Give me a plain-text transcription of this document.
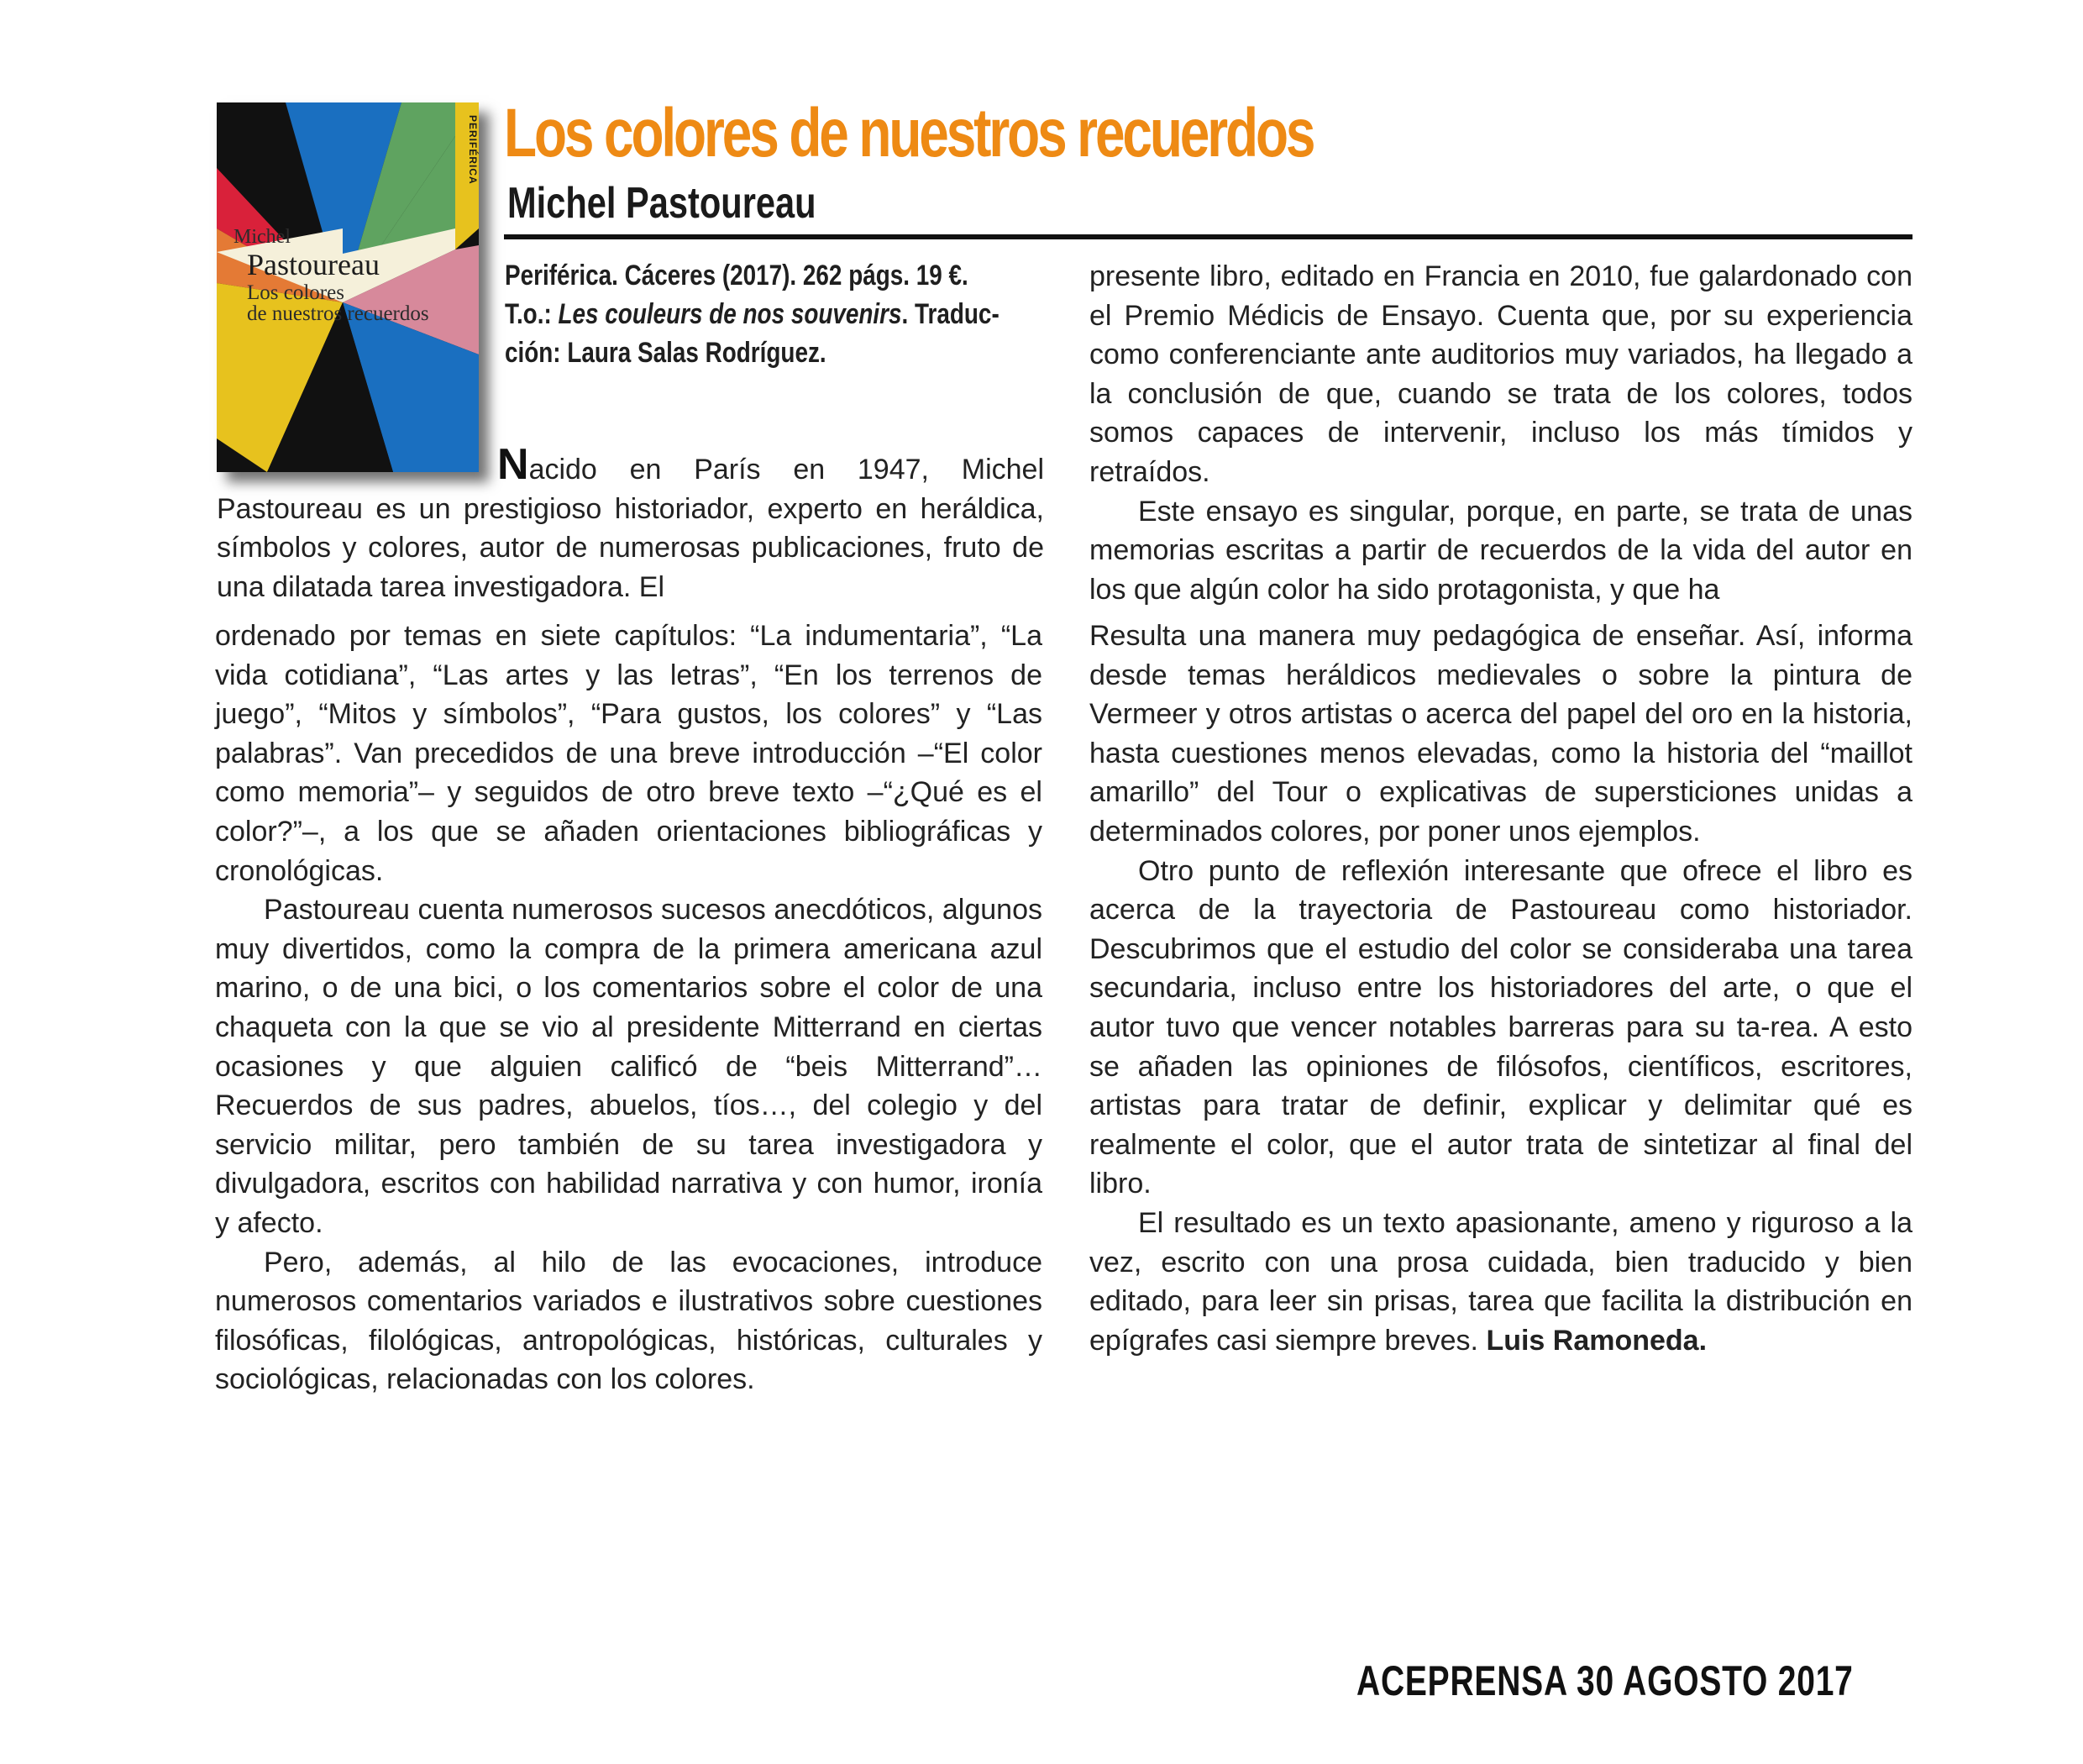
Michel
Pastoureau
Los colores
de nuestros recuerdos
PERIFÉRICA Los colores de nuestros recuerdos
Michel Pastoureau
Periférica. Cáceres (2017). 262 págs. 19 €.
T.o.: Les couleurs de nos souvenirs. Traduc-
ción: Laura Salas Rodríguez.

Nacido en París en 1947, Michel Pastoureau es un prestigioso historiador, experto en heráldica, símbolos y colores, autor de numerosas publicaciones, fruto de una dilatada tarea investigadora. El

ordenado por temas en siete capítulos: “La indumentaria”, “La vida cotidiana”, “Las artes y las letras”, “En los terrenos de juego”, “Mitos y símbolos”, “Para gustos, los colores” y “Las palabras”. Van precedidos de una breve introducción –“El color como memoria”– y seguidos de otro breve texto –“¿Qué es el color?”–, a los que se añaden orientaciones bibliográficas y cronológicas.

Pastoureau cuenta numerosos sucesos anecdóticos, algunos muy divertidos, como la compra de la primera americana azul marino, o de una bici, o los comentarios sobre el color de una chaqueta con la que se vio al presidente Mitterrand en ciertas ocasiones y que alguien calificó de “beis Mitterrand”… Recuerdos de sus padres, abuelos, tíos…, del colegio y del servicio militar, pero también de su tarea investigadora y divulgadora, escritos con habilidad narrativa y con humor, ironía y afecto.

Pero, además, al hilo de las evocaciones, introduce numerosos comentarios variados e ilustrativos sobre cuestiones filosóficas, filológicas, antropológicas, históricas, culturales y sociológicas, relacionadas con los colores.

presente libro, editado en Francia en 2010, fue galardonado con el Premio Médicis de Ensayo. Cuenta que, por su experiencia como conferenciante ante auditorios muy variados, ha llegado a la conclusión de que, cuando se trata de los colores, todos somos capaces de intervenir, incluso los más tímidos y retraídos.

Este ensayo es singular, porque, en parte, se trata de unas memorias escritas a partir de recuerdos de la vida del autor en los que algún color ha sido protagonista, y que ha

Resulta una manera muy pedagógica de enseñar. Así, informa desde temas heráldicos medievales o sobre la pintura de Vermeer y otros artistas o acerca del papel del oro en la historia, hasta cuestiones menos elevadas, como la historia del “maillot amarillo” del Tour o explicativas de supersticiones unidas a determinados colores, por poner unos ejemplos.

Otro punto de reflexión interesante que ofrece el libro es acerca de la trayectoria de Pastoureau como historiador. Descubrimos que el estudio del color se consideraba una tarea secundaria, incluso entre los historiadores del arte, o que el autor tuvo que vencer notables barreras para su ta-rea. A esto se añaden las opiniones de filósofos, científicos, escritores, artistas para tratar de definir, explicar y delimitar qué es realmente el color, que el autor trata de sintetizar al final del libro.

El resultado es un texto apasionante, ameno y riguroso a la vez, escrito con una prosa cuidada, bien traducido y bien editado, para leer sin prisas, tarea que facilita la distribución en epígrafes casi siempre breves. Luis Ramoneda.

ACEPRENSA 30 AGOSTO 2017
